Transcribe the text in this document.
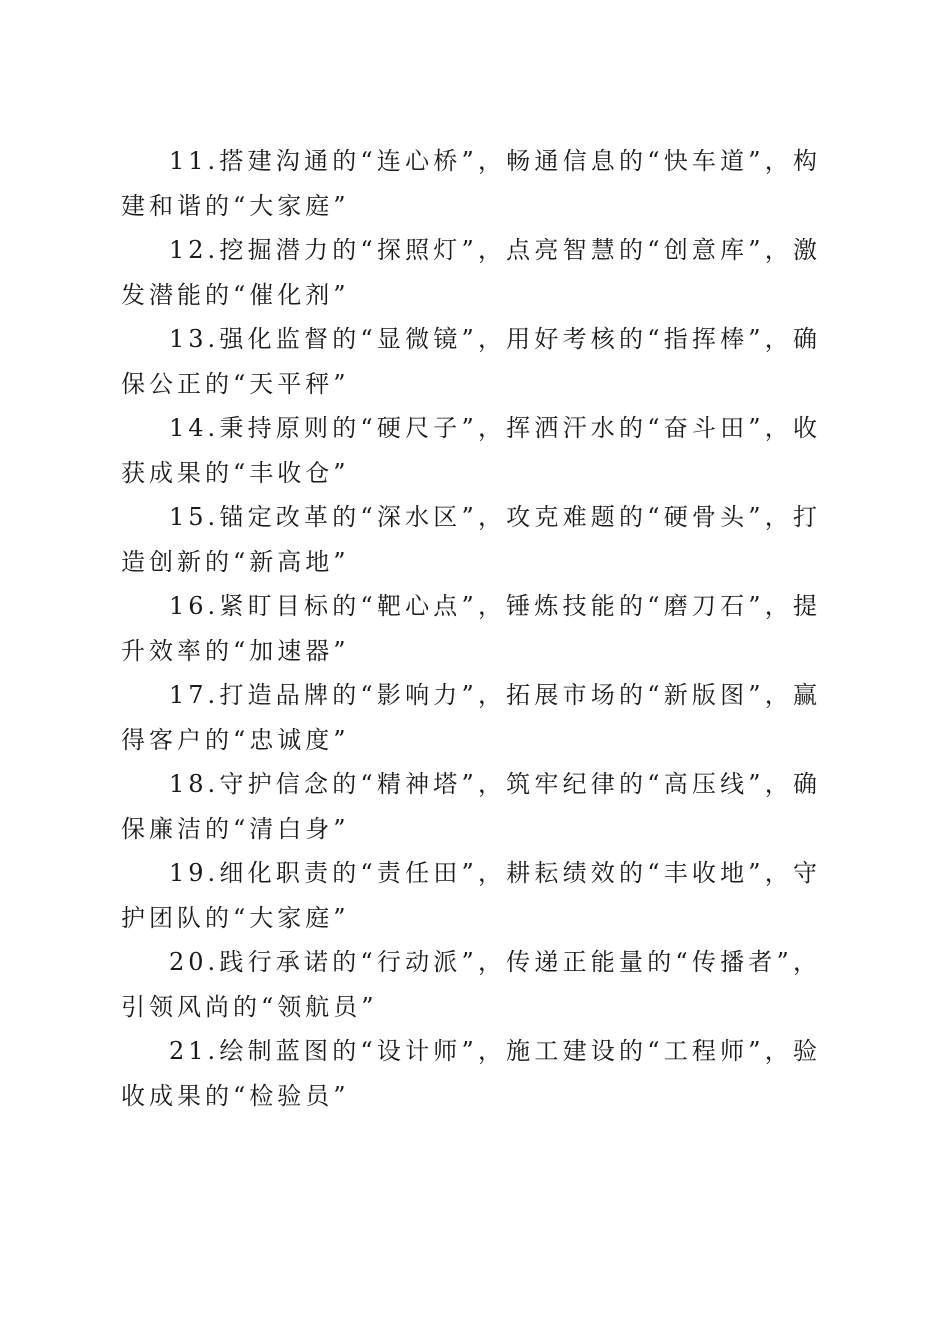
11.搭建沟通的“连心桥”，畅通信息的“快车道”，构建和谐的“大家庭”

12.挖掘潜力的“探照灯”，点亮智慧的“创意库”，激发潜能的“催化剂”

13.强化监督的“显微镜”，用好考核的“指挥棒”，确保公正的“天平秤”

14.秉持原则的“硬尺子”，挥洒汗水的“奋斗田”，收获成果的“丰收仓”

15.锚定改革的“深水区”，攻克难题的“硬骨头”，打造创新的“新高地”

16.紧盯目标的“靶心点”，锤炼技能的“磨刀石”，提升效率的“加速器”

17.打造品牌的“影响力”，拓展市场的“新版图”，赢得客户的“忠诚度”

18.守护信念的“精神塔”，筑牢纪律的“高压线”，确保廉洁的“清白身”

19.细化职责的“责任田”，耕耘绩效的“丰收地”，守护团队的“大家庭”

20.践行承诺的“行动派”，传递正能量的“传播者”，引领风尚的“领航员”

21.绘制蓝图的“设计师”，施工建设的“工程师”，验收成果的“检验员”
